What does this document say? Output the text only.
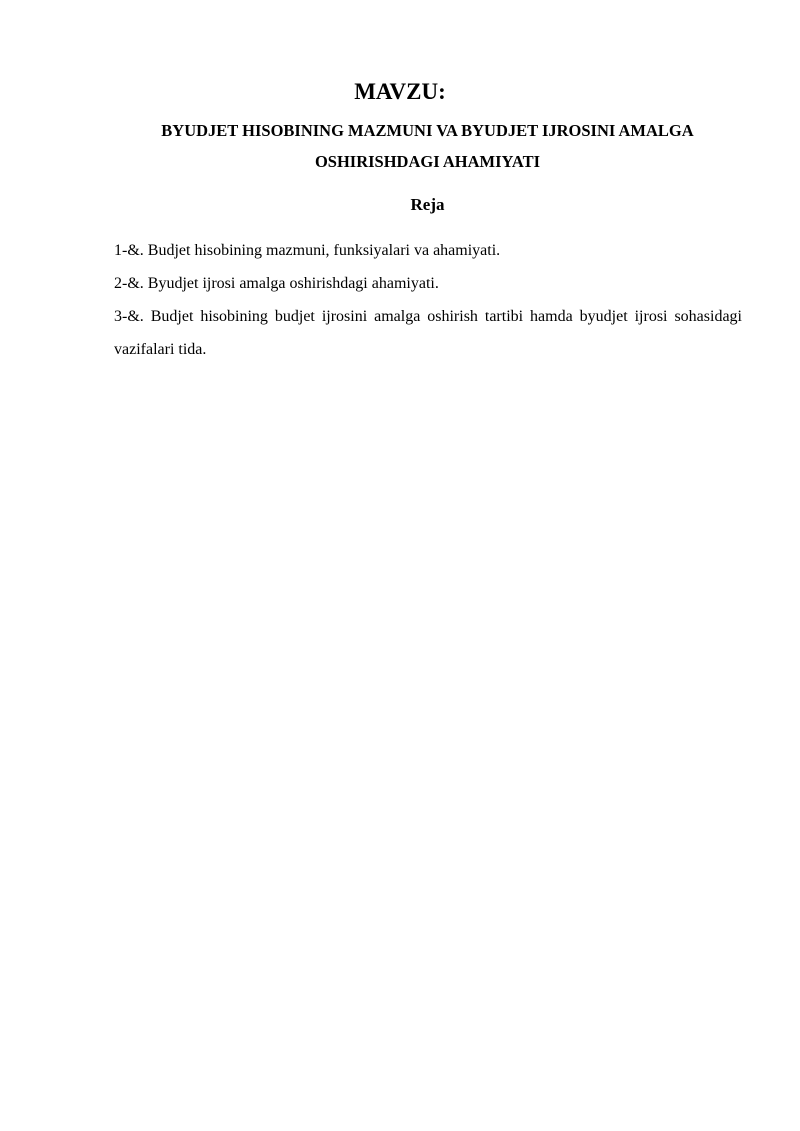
MAVZU:
BYUDJET HISOBINING MAZMUNI VA BYUDJET IJROSINI AMALGA OSHIRISHDAGI AHAMIYATI
Reja
1-&. Budjet hisobining mazmuni, funksiyalari va ahamiyati.
2-&. Byudjet ijrosi amalga oshirishdagi ahamiyati.
3-&. Budjet hisobining budjet ijrosini amalga oshirish tartibi hamda byudjet ijrosi sohasidagi vazifalari tida.
